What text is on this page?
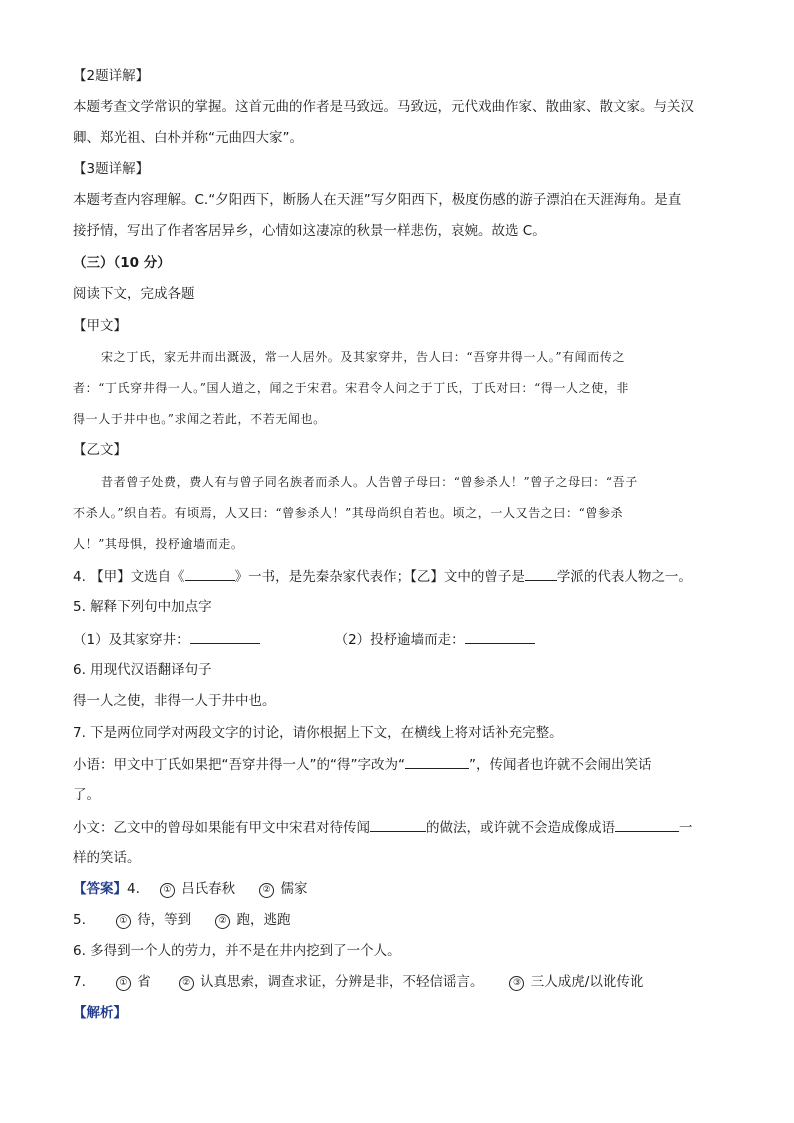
【2题详解】
本题考查文学常识的掌握。这首元曲的作者是马致远。马致远，元代戏曲作家、散曲家、散文家。与关汉
卿、郑光祖、白朴并称“元曲四大家”。
【3题详解】
本题考查内容理解。C.“夕阳西下，断肠人在天涯”写夕阳西下，极度伤感的游子漂泊在天涯海角。是直
接抒情，写出了作者客居异乡，心情如这凄凉的秋景一样悲伤，哀婉。故选 C。
（三）（10 分）
阅读下文，完成各题
【甲文】
宋之丁氏，家无井而出溉汲，常一人居外。及其家穿井，告人曰：“吾穿井得一人。”有闻而传之
者：“丁氏穿井得一人。”国人道之，闻之于宋君。宋君令人问之于丁氏，丁氏对曰：“得一人之使，非
得一人于井中也。”求闻之若此，不若无闻也。
【乙文】
昔者曾子处费，费人有与曾子同名族者而杀人。人告曾子母曰：“曾参杀人！”曾子之母曰：“吾子
不杀人。”织自若。有顷焉，人又曰：“曾参杀人！”其母尚织自若也。顷之，一人又告之曰：“曾参杀
人！”其母惧，投杼逾墙而走。
4. 【甲】文选自《	》一书，是先秦杂家代表作；【乙】文中的曾子是 学派的代表人物之一。
5. 解释下列句中加点字
（1）及其家穿井：	（2）投杼逾墙而走：
6. 用现代汉语翻译句子
得一人之使，非得一人于井中也。
7. 下是两位同学对两段文字的讨论，请你根据上下文，在横线上将对话补充完整。
小语：甲文中丁氏如果把“吾穿井得一人”的“得”字改为“	”，传闻者也许就不会闹出笑话
了。
小文：乙文中的曾母如果能有甲文中宋君对待传闻	的做法，或许就不会造成像成语	一
样的笑话。
【答案】4.	① 吕氏春秋	② 儒家
5.	① 待，等到	② 跑，逃跑
6. 多得到一个人的劳力，并不是在井内挖到了一个人。
7.	① 省	② 认真思索，调查求证，分辨是非，不轻信谣言。	③ 三人成虎/以讹传讹
【解析】
